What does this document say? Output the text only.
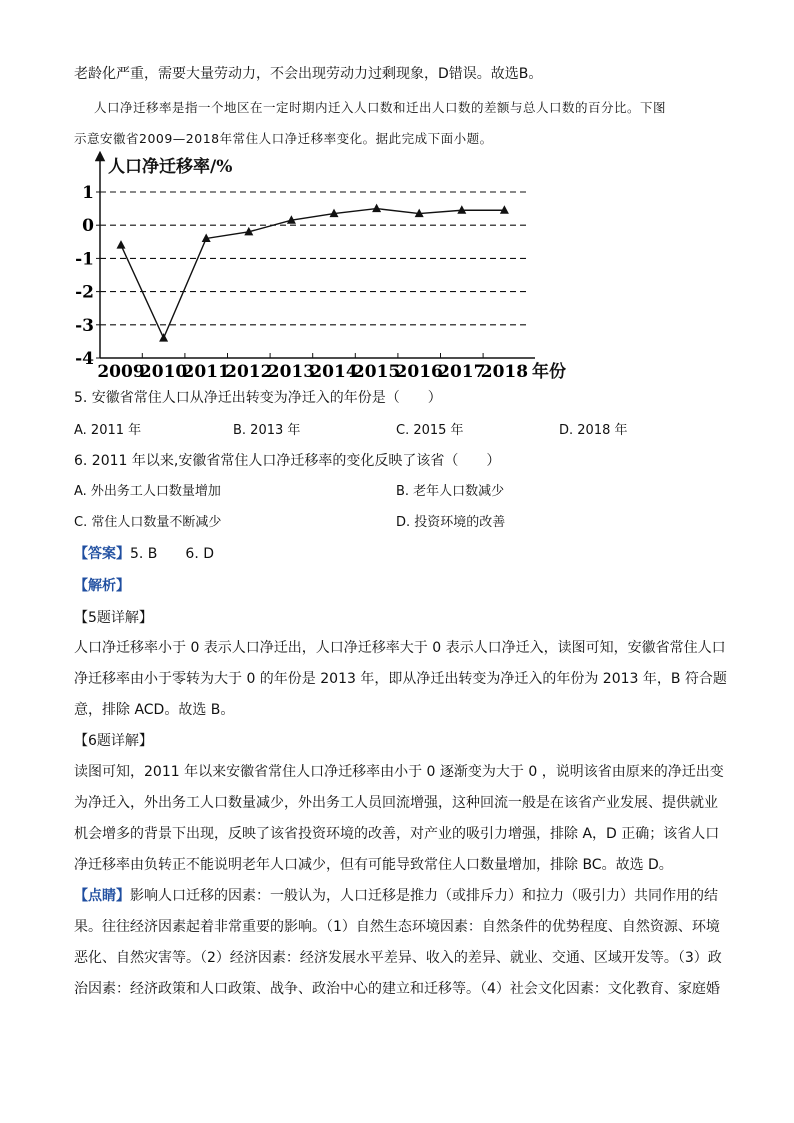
老龄化严重，需要大量劳动力，不会出现劳动力过剩现象，D错误。故选B。
人口净迁移率是指一个地区在一定时期内迁入人口数和迁出人口数的差额与总人口数的百分比。下图
示意安徽省2009—2018年常住人口净迁移率变化。据此完成下面小题。
人口净迁移率/%
年份
1
0
-1
-2
-3
-4
2009
2010
2011
2012
2013
2014
2015
2016
2017
2018
5. 安徽省常住人口从净迁出转变为净迁入的年份是（　　）
A. 2011 年	B. 2013 年	C. 2015 年	D. 2018 年
6. 2011 年以来,安徽省常住人口净迁移率的变化反映了该省（　　）
A. 外出务工人口数量增加	B. 老年人口数减少
C. 常住人口数量不断减少	D. 投资环境的改善
【答案】5. B　　6. D
【解析】
【5题详解】
人口净迁移率小于 0 表示人口净迁出，人口净迁移率大于 0 表示人口净迁入，读图可知，安徽省常住人口
净迁移率由小于零转为大于 0 的年份是 2013 年，即从净迁出转变为净迁入的年份为 2013 年，B 符合题
意，排除 ACD。故选 B。
【6题详解】
读图可知，2011 年以来安徽省常住人口净迁移率由小于 0 逐渐变为大于 0 ，说明该省由原来的净迁出变
为净迁入，外出务工人口数量减少，外出务工人员回流增强，这种回流一般是在该省产业发展、提供就业
机会增多的背景下出现，反映了该省投资环境的改善，对产业的吸引力增强，排除 A，D 正确；该省人口
净迁移率由负转正不能说明老年人口减少，但有可能导致常住人口数量增加，排除 BC。故选 D。
【点睛】影响人口迁移的因素：一般认为，人口迁移是推力（或排斥力）和拉力（吸引力）共同作用的结
果。往往经济因素起着非常重要的影响。（1）自然生态环境因素：自然条件的优势程度、自然资源、环境
恶化、自然灾害等。（2）经济因素：经济发展水平差异、收入的差异、就业、交通、区域开发等。（3）政
治因素：经济政策和人口政策、战争、政治中心的建立和迁移等。（4）社会文化因素：文化教育、家庭婚
